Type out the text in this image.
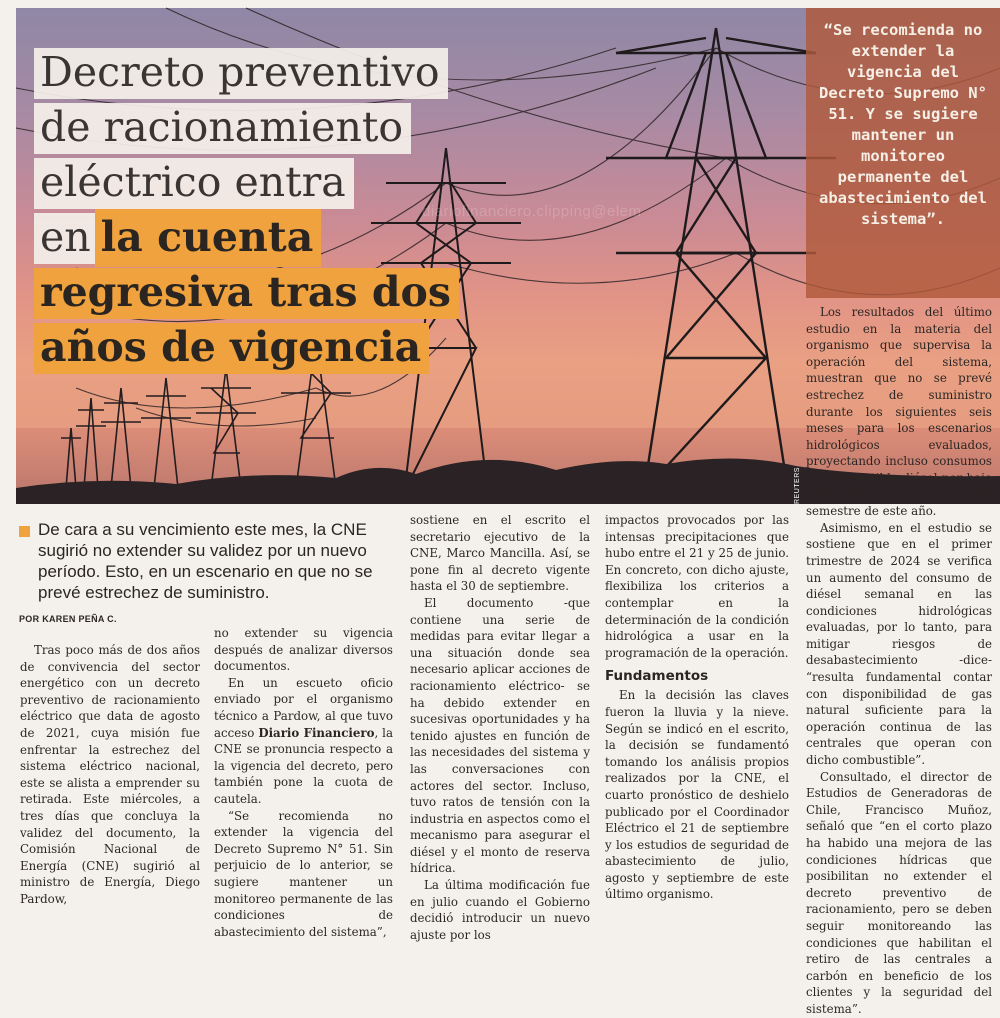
diariofinanciero.clipping@elem
REUTERS
Decreto preventivo
de racionamiento
eléctrico entra
en la cuenta
regresiva tras dos
años de vigencia
“Se recomienda no extender la vigencia del Decreto Supremo N° 51. Y se sugiere mantener un monitoreo permanente del abastecimiento del sistema”.
De cara a su vencimiento este mes, la CNE sugirió no extender su validez por un nuevo período. Esto, en un escenario en que no se prevé estrechez de suministro.
POR KAREN PEÑA C.

Tras poco más de dos años de convivencia del sector energético con un decreto preventivo de racionamiento eléctrico que data de agosto de 2021, cuya misión fue enfrentar la estrechez del sistema eléctrico nacional, este se alista a emprender su retirada. Este miércoles, a tres días que concluya la validez del documento, la Comisión Nacional de Energía (CNE) sugirió al ministro de Energía, Diego Pardow,

no extender su vigencia después de analizar diversos documentos.

En un escueto oficio enviado por el organismo técnico a Pardow, al que tuvo acceso Diario Financiero, la CNE se pronuncia respecto a la vigencia del decreto, pero también pone la cuota de cautela.

“Se recomienda no extender la vigencia del Decreto Supremo N° 51. Sin perjuicio de lo anterior, se sugiere mantener un monitoreo permanente de las condiciones de abastecimiento del sistema”,

sostiene en el escrito el secretario ejecutivo de la CNE, Marco Mancilla. Así, se pone fin al decreto vigente hasta el 30 de septiembre.

El documento -que contiene una serie de medidas para evitar llegar a una situación donde sea necesario aplicar acciones de racionamiento eléctrico- se ha debido extender en sucesivas oportunidades y ha tenido ajustes en función de las necesidades del sistema y las conversaciones con actores del sector. Incluso, tuvo ratos de tensión con la industria en aspectos como el mecanismo para asegurar el diésel y el monto de reserva hídrica.

La última modificación fue en julio cuando el Gobierno decidió introducir un nuevo ajuste por los

impactos provocados por las intensas precipitaciones que hubo entre el 21 y 25 de junio. En concreto, con dicho ajuste, flexibiliza los criterios a contemplar en la determinación de la condición hidrológica a usar en la programación de la operación.

Fundamentos

En la decisión las claves fueron la lluvia y la nieve. Según se indicó en el escrito, la decisión se fundamentó tomando los análisis propios realizados por la CNE, el cuarto pronóstico de deshielo publicado por el Coordinador Eléctrico el 21 de septiembre y los estudios de seguridad de abastecimiento de julio, agosto y septiembre de este último organismo.

Los resultados del último estudio en la materia del organismo que supervisa la operación del sistema, muestran que no se prevé estrechez de suministro durante los siguientes seis meses para los escenarios hidrológicos evaluados, proyectando incluso consumos de combustible diésel por bajo 1.000 m3/día para el segundo semestre de este año.

Asimismo, en el estudio se sostiene que en el primer trimestre de 2024 se verifica un aumento del consumo de diésel semanal en las condiciones hidrológicas evaluadas, por lo tanto, para mitigar riesgos de desabastecimiento -dice- “resulta fundamental contar con disponibilidad de gas natural suficiente para la operación continua de las centrales que operan con dicho combustible”.

Consultado, el director de Estudios de Generadoras de Chile, Francisco Muñoz, señaló que “en el corto plazo ha habido una mejora de las condiciones hídricas que posibilitan no extender el decreto preventivo de racionamiento, pero se deben seguir monitoreando las condiciones que habilitan el retiro de las centrales a carbón en beneficio de los clientes y la seguridad del sistema”.
